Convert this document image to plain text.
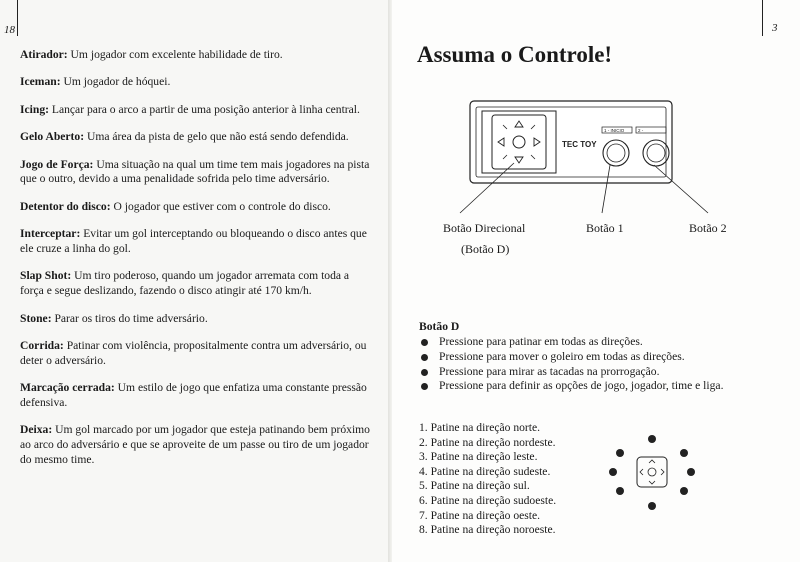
18

Atirador: Um jogador com excelente habilidade de tiro.

Iceman: Um jogador de hóquei.

Icing: Lançar para o arco a partir de uma posição anterior à linha central.

Gelo Aberto: Uma área da pista de gelo que não está sendo defendida.

Jogo de Força: Uma situação na qual um time tem mais jogadores na pista que o outro, devido a uma penalidade sofrida pelo time adversário.

Detentor do disco: O jogador que estiver com o controle do disco.

Interceptar: Evitar um gol interceptando ou bloqueando o disco antes que ele cruze a linha do gol.

Slap Shot: Um tiro poderoso, quando um jogador arremata com toda a força e segue deslizando, fazendo o disco atingir até 170 km/h.

Stone: Parar os tiros do time adversário.

Corrida: Patinar com violência, propositalmente contra um adversário, ou deter o adversário.

Marcação cerrada: Um estilo de jogo que enfatiza uma constante pressão defensiva.

Deixa: Um gol marcado por um jogador que esteja patinando bem próximo ao arco do adversário e que se aproveite de um passe ou tiro de um jogador do mesmo time.

3
Assuma o Controle!
TEC TOY
1 - INICIO	2 -
Botão Direcional
(Botão D)
Botão 1	Botão 2
Botão D
Pressione para patinar em todas as direções.
Pressione para mover o goleiro em todas as direções.
Pressione para mirar as tacadas na prorrogação.
Pressione para definir as opções de jogo, jogador, time e liga.
1. Patine na direção norte.
2. Patine na direção nordeste.
3. Patine na direção leste.
4. Patine na direção sudeste.
5. Patine na direção sul.
6. Patine na direção sudoeste.
7. Patine na direção oeste.
8. Patine na direção noroeste.
